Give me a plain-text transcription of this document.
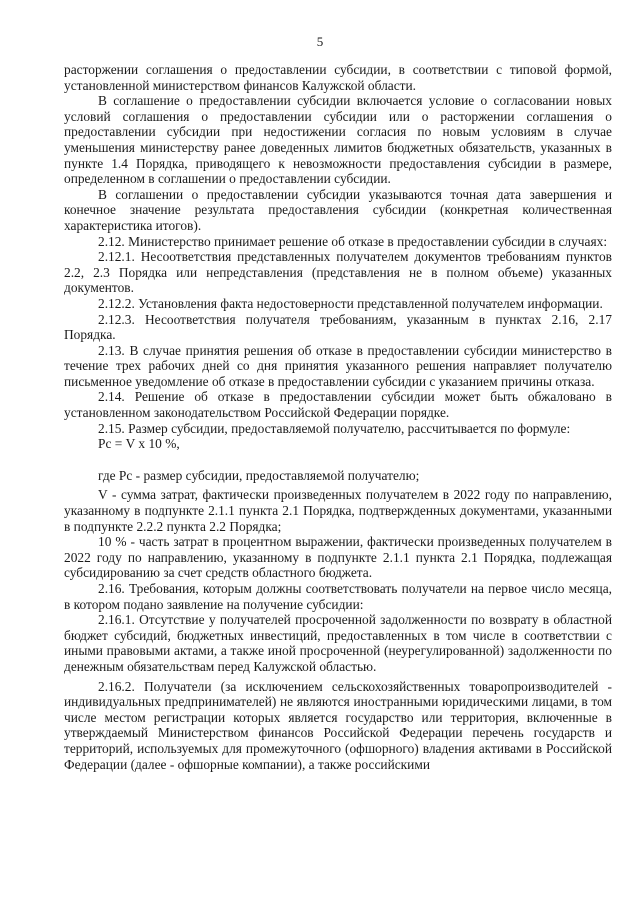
5

расторжении соглашения о предоставлении субсидии, в соответствии с типовой формой, установленной министерством финансов Калужской области.

В соглашение о предоставлении субсидии включается условие о согласовании новых условий соглашения о предоставлении субсидии или о расторжении соглашения о предоставлении субсидии при недостижении согласия по новым условиям в случае уменьшения министерству ранее доведенных лимитов бюджетных обязательств, указанных в пункте 1.4 Порядка, приводящего к невозможности предоставления субсидии в размере, определенном в соглашении о предоставлении субсидии.

В соглашении о предоставлении субсидии указываются точная дата завершения и конечное значение результата предоставления субсидии (конкретная количественная характеристика итогов).

2.12. Министерство принимает решение об отказе в предоставлении субсидии в случаях:

2.12.1. Несоответствия представленных получателем документов требованиям пунктов 2.2, 2.3 Порядка или непредставления (представления не в полном объеме) указанных документов.

2.12.2. Установления факта недостоверности представленной получателем информации.

2.12.3. Несоответствия получателя требованиям, указанным в пунктах 2.16, 2.17 Порядка.

2.13. В случае принятия решения об отказе в предоставлении субсидии министерство в течение трех рабочих дней со дня принятия указанного решения направляет получателю письменное уведомление об отказе в предоставлении субсидии с указанием причины отказа.

2.14. Решение об отказе в предоставлении субсидии может быть обжаловано в установленном законодательством Российской Федерации порядке.

2.15. Размер субсидии, предоставляемой получателю, рассчитывается по формуле:

Рс = V x 10 %,

где Рс - размер субсидии, предоставляемой получателю;

V - сумма затрат, фактически произведенных получателем в 2022 году по направлению, указанному в подпункте 2.1.1 пункта 2.1 Порядка, подтвержденных документами, указанными в подпункте 2.2.2 пункта 2.2 Порядка;

10 % - часть затрат в процентном выражении, фактически произведенных получателем в 2022 году по направлению, указанному в подпункте 2.1.1 пункта 2.1 Порядка, подлежащая субсидированию за счет средств областного бюджета.

2.16. Требования, которым должны соответствовать получатели на первое число месяца, в котором подано заявление на получение субсидии:

2.16.1. Отсутствие у получателей просроченной задолженности по возврату в областной бюджет субсидий, бюджетных инвестиций, предоставленных в том числе в соответствии с иными правовыми актами, а также иной просроченной (неурегулированной) задолженности по денежным обязательствам перед Калужской областью.

2.16.2. Получатели (за исключением сельскохозяйственных товаропроизводителей - индивидуальных предпринимателей) не являются иностранными юридическими лицами, в том числе местом регистрации которых является государство или территория, включенные в утверждаемый Министерством финансов Российской Федерации перечень государств и территорий, используемых для промежуточного (офшорного) владения активами в Российской Федерации (далее - офшорные компании), а также российскими
